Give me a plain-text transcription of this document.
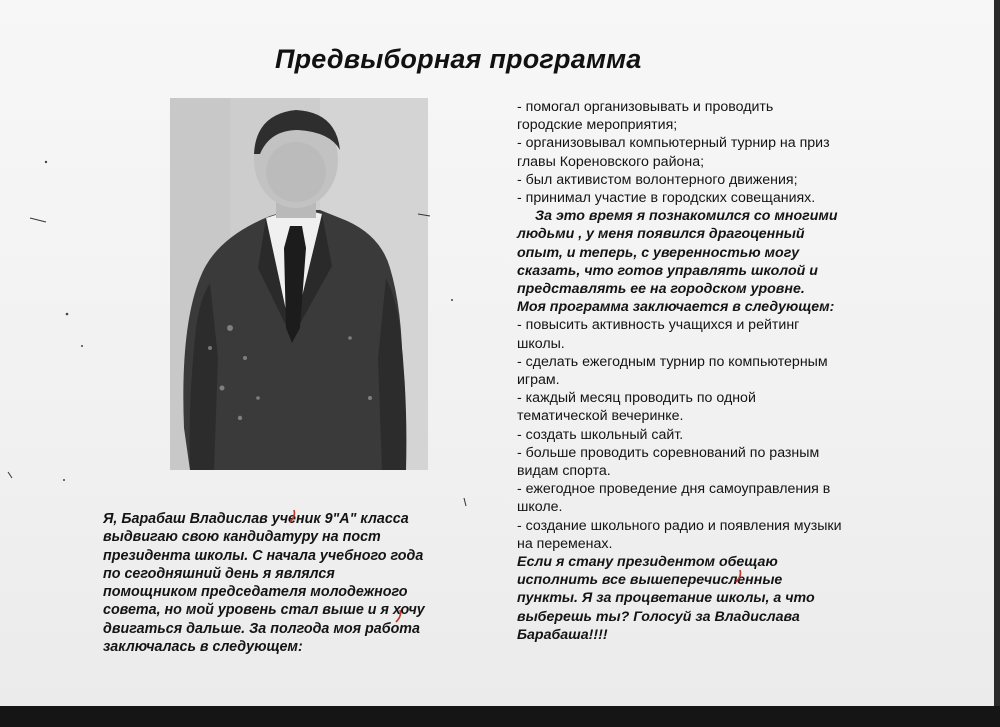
Предвыборная программа

- помогал организовывать и проводить

городские мероприятия;

- организовывал компьютерный турнир на приз

главы Кореновского района;

- был активистом волонтерного движения;

- принимал участие в городских совещаниях.

За это время я познакомился со многими

людьми , у меня появился драгоценный

опыт, и теперь, с уверенностью могу

сказать, что готов управлять школой и

представлять ее на городском уровне.

Моя программа заключается в следующем:

- повысить активность учащихся и рейтинг

школы.

- сделать ежегодным турнир по компьютерным

играм.

- каждый месяц проводить по одной

тематической вечеринке.

- создать школьный сайт.

- больше проводить соревнований по разным

видам спорта.

- ежегодное проведение дня самоуправления в

школе.

- создание школьного радио и появления музыки

на переменах.

Если я стану президентом обещаю

исполнить все вышеперечисленные

пункты. Я за процветание школы, а что

выберешь ты? Голосуй за Владислава

Барабаша!!!!

Я, Барабаш Владислав ученик 9"А" класса
выдвигаю свою кандидатуру на пост
президента школы. С начала учебного года
по сегодняшний день я являлся
помощником председателя молодежного
совета, но мой уровень стал выше и я хочу
двигаться дальше. За полгода моя работа
заключалась в следующем:
